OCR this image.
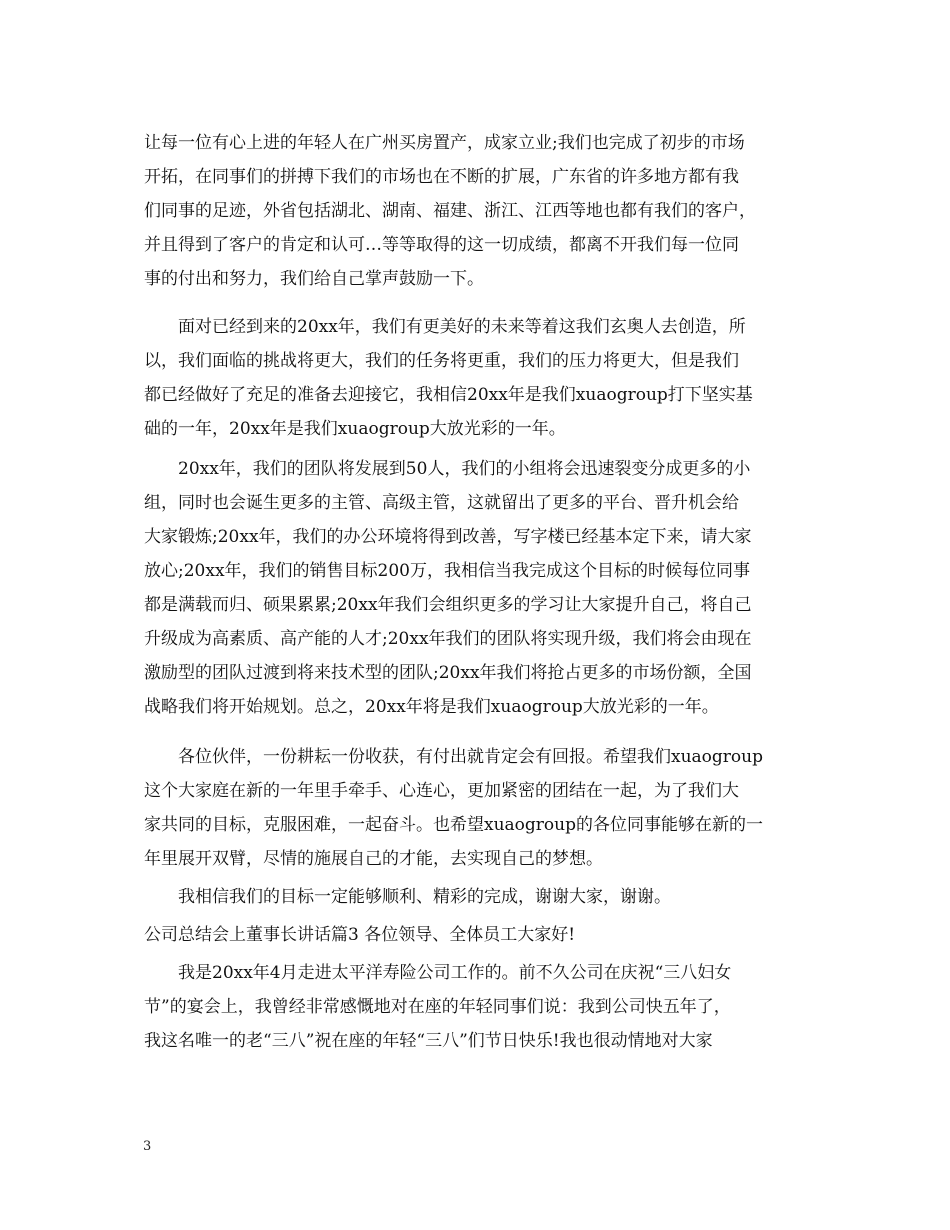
让每一位有心上进的年轻人在广州买房置产，成家立业;我们也完成了初步的市场
开拓，在同事们的拼搏下我们的市场也在不断的扩展，广东省的许多地方都有我
们同事的足迹，外省包括湖北、湖南、福建、浙江、江西等地也都有我们的客户，
并且得到了客户的肯定和认可…等等取得的这一切成绩，都离不开我们每一位同
事的付出和努力，我们给自己掌声鼓励一下。
面对已经到来的20xx年，我们有更美好的未来等着这我们玄奥人去创造，所
以，我们面临的挑战将更大，我们的任务将更重，我们的压力将更大，但是我们
都已经做好了充足的准备去迎接它，我相信20xx年是我们xuaogroup打下坚实基
础的一年，20xx年是我们xuaogroup大放光彩的一年。
20xx年，我们的团队将发展到50人，我们的小组将会迅速裂变分成更多的小
组，同时也会诞生更多的主管、高级主管，这就留出了更多的平台、晋升机会给
大家锻炼;20xx年，我们的办公环境将得到改善，写字楼已经基本定下来，请大家
放心;20xx年，我们的销售目标200万，我相信当我完成这个目标的时候每位同事
都是满载而归、硕果累累;20xx年我们会组织更多的学习让大家提升自己，将自己
升级成为高素质、高产能的人才;20xx年我们的团队将实现升级，我们将会由现在
激励型的团队过渡到将来技术型的团队;20xx年我们将抢占更多的市场份额，全国
战略我们将开始规划。总之，20xx年将是我们xuaogroup大放光彩的一年。
各位伙伴，一份耕耘一份收获，有付出就肯定会有回报。希望我们xuaogroup
这个大家庭在新的一年里手牵手、心连心，更加紧密的团结在一起，为了我们大
家共同的目标，克服困难，一起奋斗。也希望xuaogroup的各位同事能够在新的一
年里展开双臂，尽情的施展自己的才能，去实现自己的梦想。
我相信我们的目标一定能够顺利、精彩的完成，谢谢大家，谢谢。
公司总结会上董事长讲话篇3 各位领导、全体员工大家好!
我是20xx年4月走进太平洋寿险公司工作的。前不久公司在庆祝“三八妇女
节”的宴会上，我曾经非常感慨地对在座的年轻同事们说：我到公司快五年了，
我这名唯一的老“三八”祝在座的年轻“三八”们节日快乐!我也很动情地对大家
3
